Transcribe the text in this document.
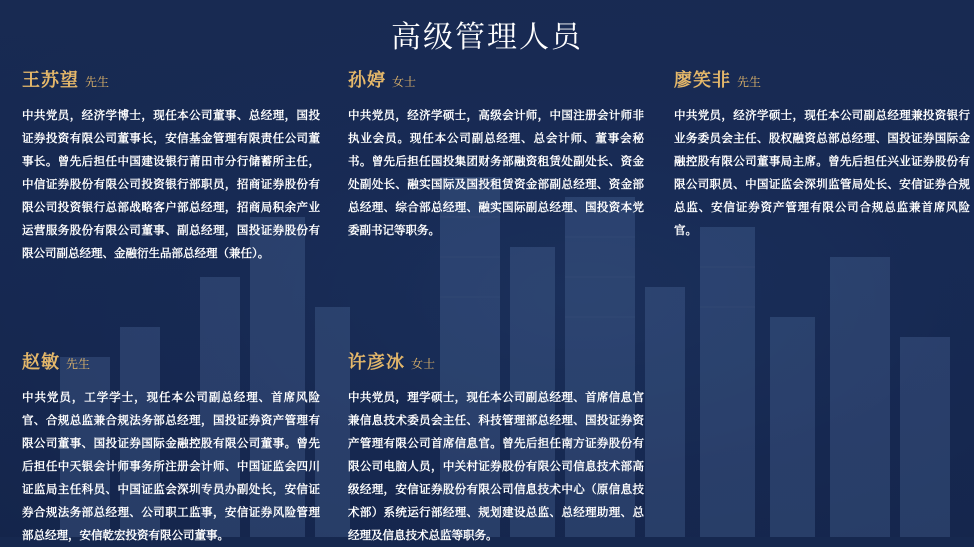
高级管理人员
王苏望 先生

中共党员，经济学博士，现任本公司董事、总经理，国投证券投资有限公司董事长，安信基金管理有限责任公司董事长。曾先后担任中国建设银行莆田市分行储蓄所主任，中信证券股份有限公司投资银行部职员，招商证券股份有限公司投资银行总部战略客户部总经理，招商局积余产业运营服务股份有限公司董事、副总经理，国投证券股份有限公司副总经理、金融衍生品部总经理（兼任）。

孙婷 女士

中共党员，经济学硕士，高级会计师，中国注册会计师非执业会员。现任本公司副总经理、总会计师、董事会秘书。曾先后担任国投集团财务部融资租赁处副处长、资金处副处长、融实国际及国投租赁资金部副总经理、资金部总经理、综合部总经理、融实国际副总经理、国投资本党委副书记等职务。

廖笑非 先生

中共党员，经济学硕士，现任本公司副总经理兼投资银行业务委员会主任、股权融资总部总经理、国投证券国际金融控股有限公司董事局主席。曾先后担任兴业证券股份有限公司职员、中国证监会深圳监管局处长、安信证券合规总监、安信证券资产管理有限公司合规总监兼首席风险官。

赵敏 先生

中共党员，工学学士，现任本公司副总经理、首席风险官、合规总监兼合规法务部总经理，国投证券资产管理有限公司董事、国投证券国际金融控股有限公司董事。曾先后担任中天银会计师事务所注册会计师、中国证监会四川证监局主任科员、中国证监会深圳专员办副处长，安信证券合规法务部总经理、公司职工监事，安信证券风险管理部总经理，安信乾宏投资有限公司董事。

许彦冰 女士

中共党员，理学硕士，现任本公司副总经理、首席信息官兼信息技术委员会主任、科技管理部总经理、国投证券资产管理有限公司首席信息官。曾先后担任南方证券股份有限公司电脑人员，中关村证券股份有限公司信息技术部高级经理，安信证券股份有限公司信息技术中心（原信息技术部）系统运行部经理、规划建设总监、总经理助理、总经理及信息技术总监等职务。
